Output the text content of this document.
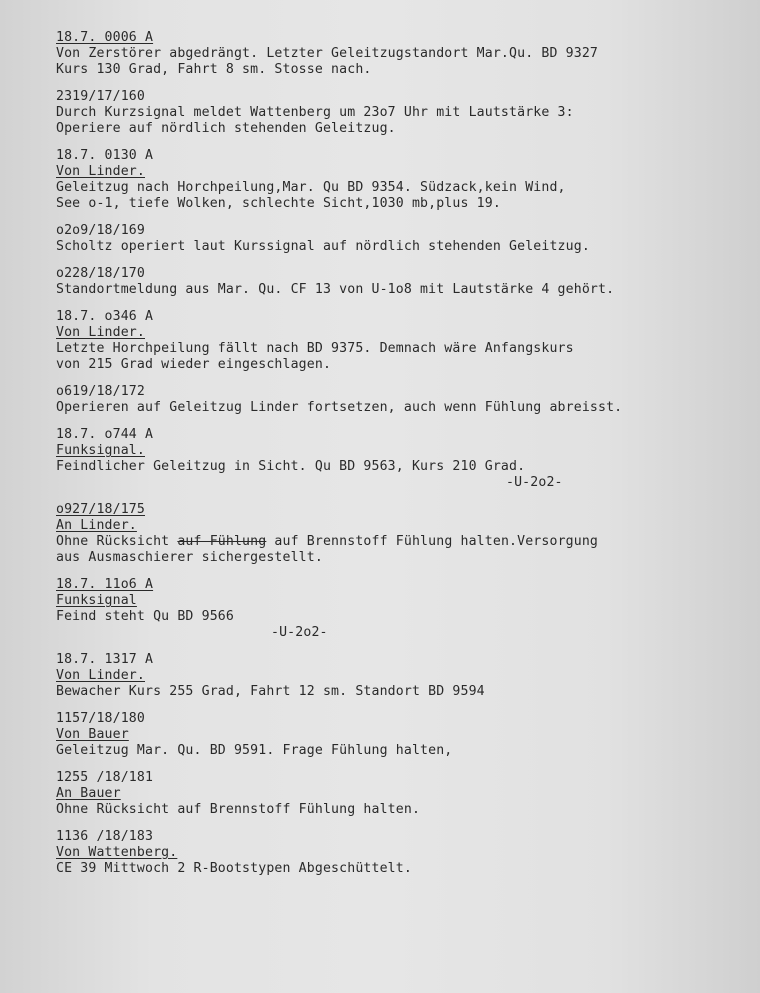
18.7. 0006 A
Von Zerstörer abgedrängt. Letzter Geleitzugstandort Mar.Qu. BD 9327
Kurs 130 Grad, Fahrt 8 sm. Stosse nach.
2319/17/160
Durch Kurzsignal meldet Wattenberg um 23o7 Uhr mit Lautstärke 3:
Operiere auf nördlich stehenden Geleitzug.
18.7. 0130 A
Von Linder.
Geleitzug nach Horchpeilung,Mar. Qu BD 9354. Südzack,kein Wind,
See o-1, tiefe Wolken, schlechte Sicht,1030 mb,plus 19.
o2o9/18/169
Scholtz operiert laut Kurssignal auf nördlich stehenden Geleitzug.
o228/18/170
Standortmeldung aus Mar. Qu. CF 13 von U-1o8 mit Lautstärke 4 gehört.
18.7. o346 A
Von Linder.
Letzte Horchpeilung fällt nach BD 9375. Demnach wäre Anfangskurs
von 215 Grad wieder eingeschlagen.
o619/18/172
Operieren auf Geleitzug Linder fortsetzen, auch wenn Fühlung abreisst.
18.7. o744 A
Funksignal.
Feindlicher Geleitzug in Sicht. Qu BD 9563, Kurs 210 Grad.
-U-2o2-
o927/18/175
An Linder.
Ohne Rücksicht auf Fühlung auf Brennstoff Fühlung halten.Versorgung
aus Ausmaschierer sichergestellt.
18.7. 11o6 A
Funksignal
Feind steht Qu BD 9566
-U-2o2-
18.7. 1317 A
Von Linder.
Bewacher Kurs 255 Grad, Fahrt 12 sm. Standort BD 9594
1157/18/180
Von Bauer
Geleitzug Mar. Qu. BD 9591. Frage Fühlung halten,
1255 /18/181
An Bauer
Ohne Rücksicht auf Brennstoff Fühlung halten.
1136 /18/183
Von Wattenberg.
CE 39 Mittwoch 2 R-Bootstypen Abgeschüttelt.
